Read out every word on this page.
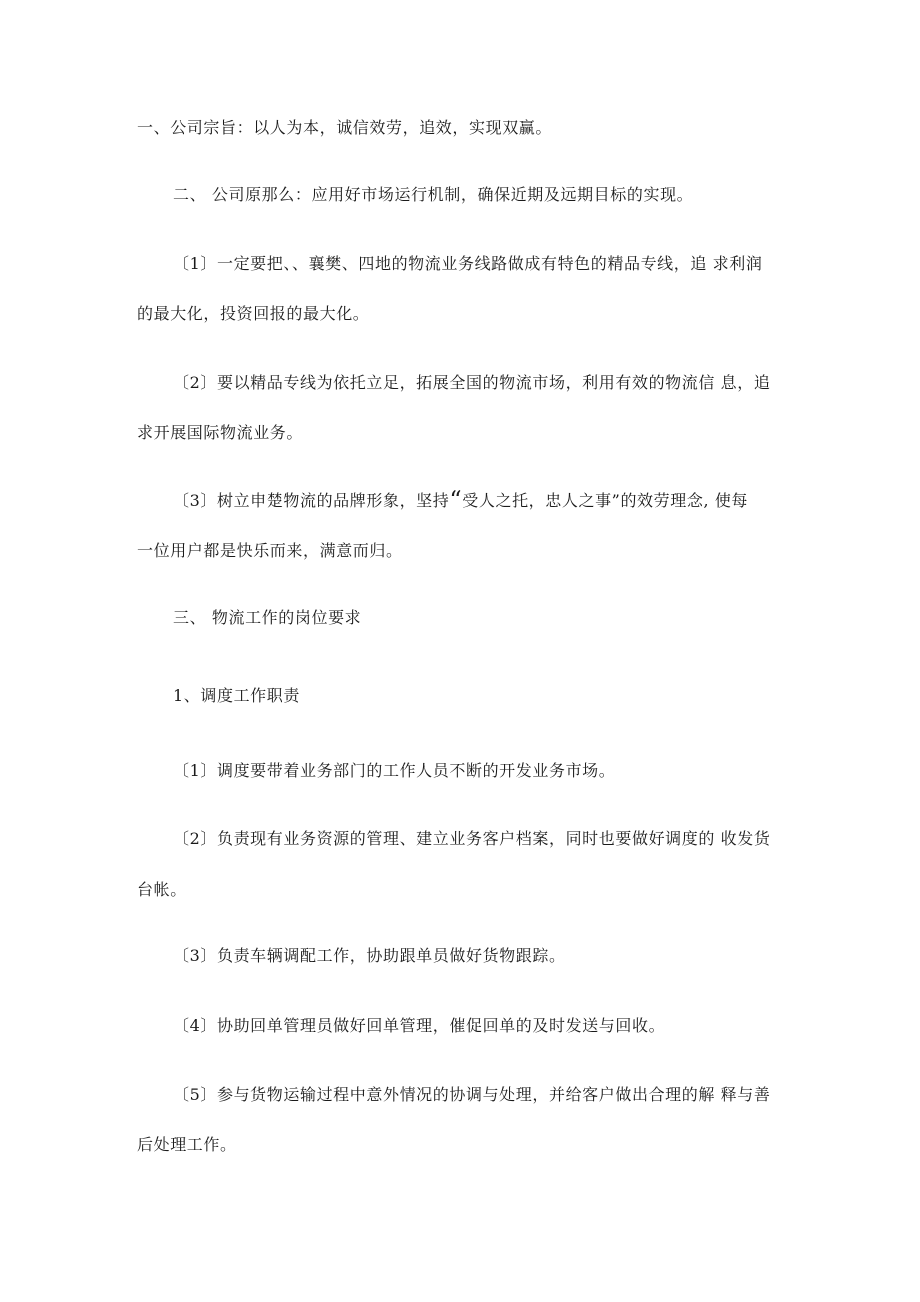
一、公司宗旨：以人为本，诚信效劳，追效，实现双赢。
二、 公司原那么：应用好市场运行机制，确保近期及远期目标的实现。
〔1〕一定要把、、襄樊、四地的物流业务线路做成有特色的精品专线，追 求利润
的最大化，投资回报的最大化。
〔2〕要以精品专线为依托立足，拓展全国的物流市场，利用有效的物流信 息，追
求开展国际物流业务。
〔3〕树立申楚物流的品牌形象，坚持“受人之托，忠人之事”的效劳理念, 使每
一位用户都是快乐而来，满意而归。
三、 物流工作的岗位要求
1、调度工作职责
〔1〕调度要带着业务部门的工作人员不断的开发业务市场。
〔2〕负责现有业务资源的管理、建立业务客户档案，同时也要做好调度的 收发货
台帐。
〔3〕负责车辆调配工作，协助跟单员做好货物跟踪。
〔4〕协助回单管理员做好回单管理，催促回单的及时发送与回收。
〔5〕参与货物运输过程中意外情况的协调与处理，并给客户做出合理的解 释与善
后处理工作。
